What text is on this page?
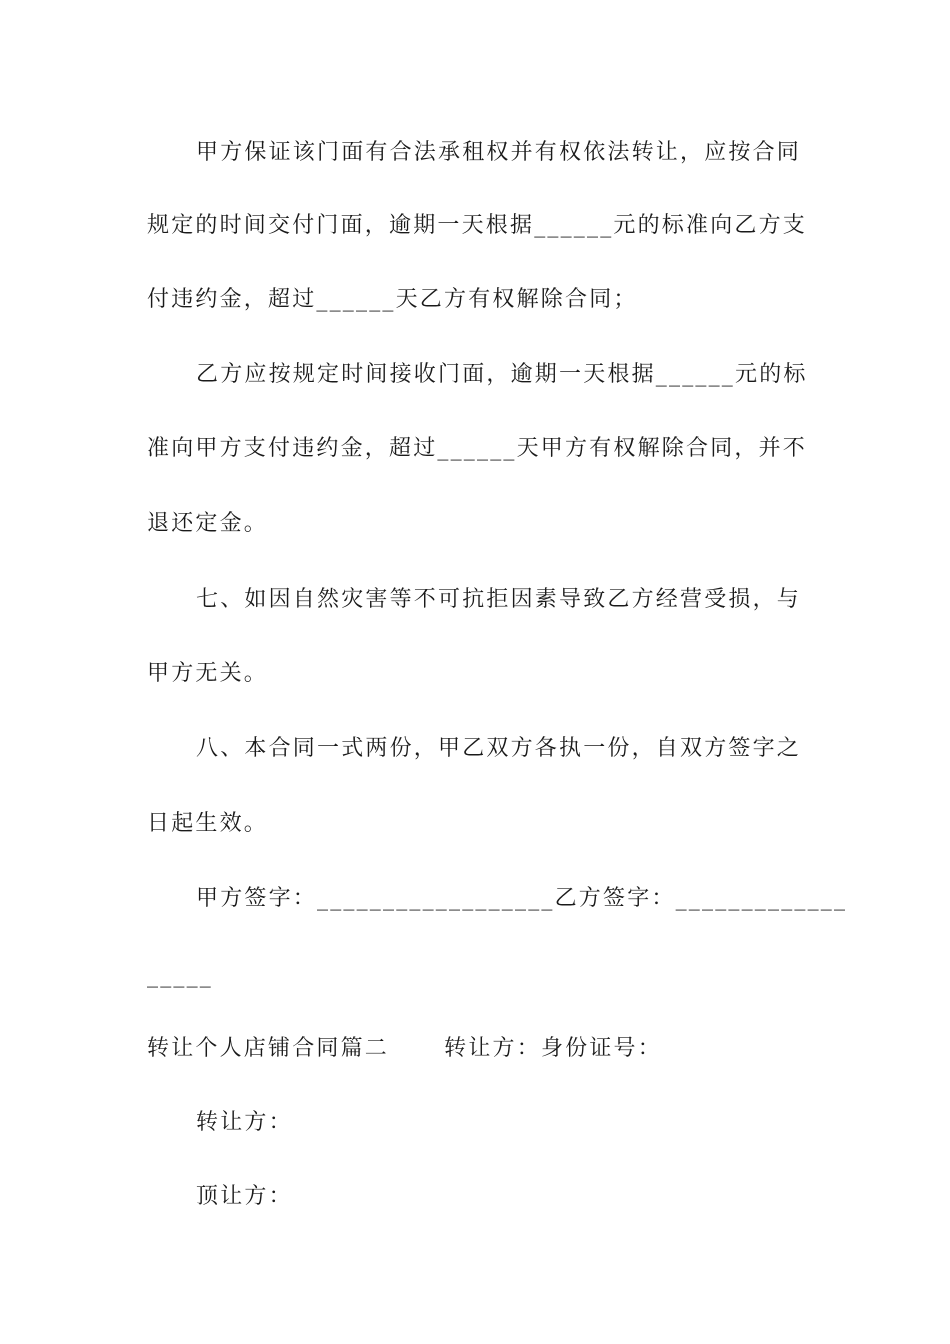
甲方保证该门面有合法承租权并有权依法转让，应按合同
规定的时间交付门面，逾期一天根据______元的标准向乙方支
付违约金，超过______天乙方有权解除合同；
乙方应按规定时间接收门面，逾期一天根据______元的标
准向甲方支付违约金，超过______天甲方有权解除合同，并不
退还定金。
七、如因自然灾害等不可抗拒因素导致乙方经营受损，与
甲方无关。
八、本合同一式两份，甲乙双方各执一份，自双方签字之
日起生效。
甲方签字：__________________乙方签字：_____________
_____
转让个人店铺合同篇二      转让方：身份证号：
转让方：
顶让方：
